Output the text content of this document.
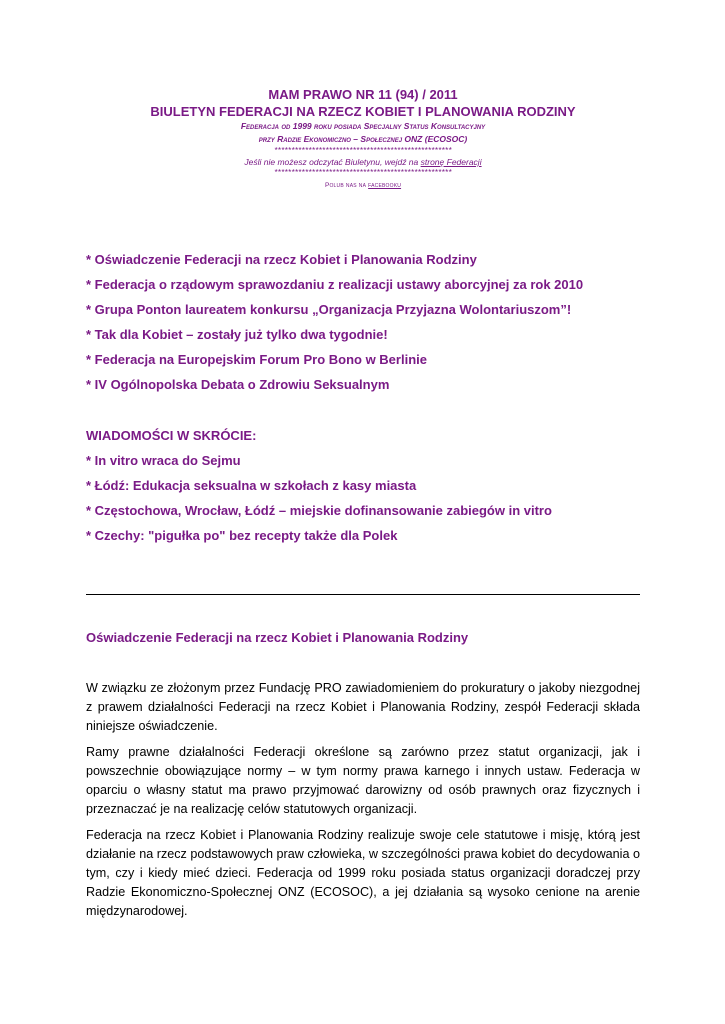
MAM PRAWO NR 11 (94) / 2011

BIULETYN FEDERACJI NA RZECZ KOBIET I PLANOWANIA RODZINY

Federacja od 1999 roku posiada Specjalny Status Konsultacyjny

przy Radzie Ekonomiczno – Społecznej ONZ (ECOSOC)

****************************************************

Jeśli nie możesz odczytać Biuletynu, wejdź na stronę Federacji

****************************************************

Polub nas na facebooku

* Oświadczenie Federacji na rzecz Kobiet i Planowania Rodziny
* Federacja o rządowym sprawozdaniu z realizacji ustawy aborcyjnej za rok 2010
* Grupa Ponton laureatem konkursu „Organizacja Przyjazna Wolontariuszom”!
* Tak dla Kobiet – zostały już tylko dwa tygodnie!
* Federacja na Europejskim Forum Pro Bono w Berlinie
* IV Ogólnopolska Debata o Zdrowiu Seksualnym
WIADOMOŚCI W SKRÓCIE:
* In vitro wraca do Sejmu
* Łódź: Edukacja seksualna w szkołach z kasy miasta
* Częstochowa, Wrocław, Łódź – miejskie dofinansowanie zabiegów in vitro
* Czechy: "pigułka po" bez recepty także dla Polek
Oświadczenie Federacji na rzecz Kobiet i Planowania Rodziny

W związku ze złożonym przez Fundację PRO zawiadomieniem do prokuratury o jakoby niezgodnej z prawem działalności Federacji na rzecz Kobiet i Planowania Rodziny, zespół Federacji składa niniejsze oświadczenie.

Ramy prawne działalności Federacji określone są zarówno przez statut organizacji, jak i powszechnie obowiązujące normy – w tym normy prawa karnego i innych ustaw. Federacja w oparciu o własny statut ma prawo przyjmować darowizny od osób prawnych oraz fizycznych i przeznaczać je na realizację celów statutowych organizacji.

Federacja na rzecz Kobiet i Planowania Rodziny realizuje swoje cele statutowe i misję, którą jest działanie na rzecz podstawowych praw człowieka, w szczególności prawa kobiet do decydowania o tym, czy i kiedy mieć dzieci. Federacja od 1999 roku posiada status organizacji doradczej przy Radzie Ekonomiczno-Społecznej ONZ (ECOSOC), a jej działania są wysoko cenione na arenie międzynarodowej.
